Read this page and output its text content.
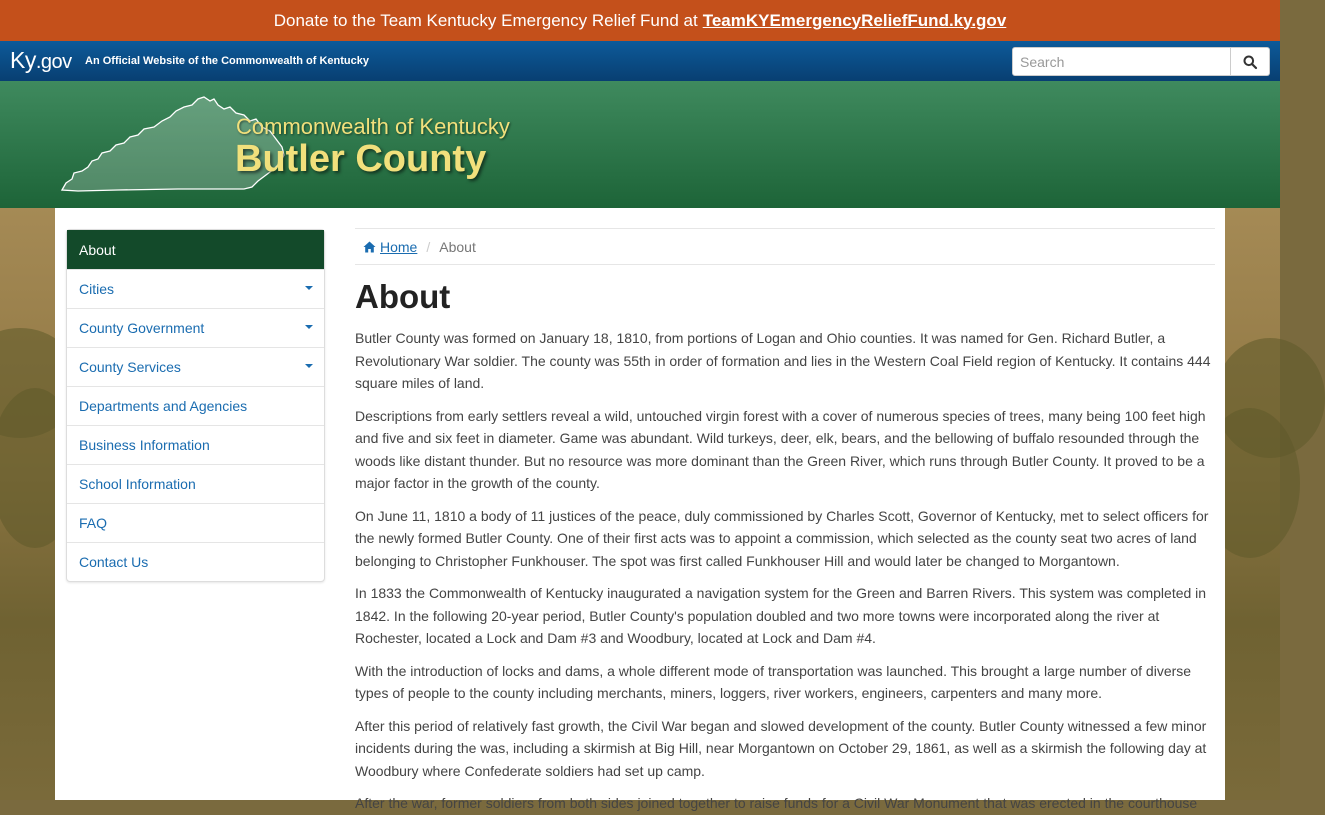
Donate to the Team Kentucky Emergency Relief Fund at TeamKYEmergencyReliefFund.ky.gov
Ky.gov An Official Website of the Commonwealth of Kentucky
Search
Commonwealth of Kentucky
Butler County
About
Cities
County Government
County Services
Departments and Agencies
Business Information
School Information
FAQ
Contact Us
Home / About
About

Butler County was formed on January 18, 1810, from portions of Logan and Ohio counties. It was named for Gen. Richard Butler, a Revolutionary War soldier. The county was 55th in order of formation and lies in the Western Coal Field region of Kentucky. It contains 444 square miles of land.

Descriptions from early settlers reveal a wild, untouched virgin forest with a cover of numerous species of trees, many being 100 feet high and five and six feet in diameter. Game was abundant. Wild turkeys, deer, elk, bears, and the bellowing of buffalo resounded through the woods like distant thunder. But no resource was more dominant than the Green River, which runs through Butler County. It proved to be a major factor in the growth of the county.

On June 11, 1810 a body of 11 justices of the peace, duly commissioned by Charles Scott, Governor of Kentucky, met to select officers for the newly formed Butler County. One of their first acts was to appoint a commission, which selected as the county seat two acres of land belonging to Christopher Funkhouser. The spot was first called Funkhouser Hill and would later be changed to Morgantown.

In 1833 the Commonwealth of Kentucky inaugurated a navigation system for the Green and Barren Rivers. This system was completed in 1842. In the following 20-year period, Butler County's population doubled and two more towns were incorporated along the river at Rochester, located a Lock and Dam #3 and Woodbury, located at Lock and Dam #4.

With the introduction of locks and dams, a whole different mode of transportation was launched. This brought a large number of diverse types of people to the county including merchants, miners, loggers, river workers, engineers, carpenters and many more.

After this period of relatively fast growth, the Civil War began and slowed development of the county. Butler County witnessed a few minor incidents during the was, including a skirmish at Big Hill, near Morgantown on October 29, 1861, as well as a skirmish the following day at Woodbury where Confederate soldiers had set up camp.

After the war, former soldiers from both sides joined together to raise funds for a Civil War Monument that was erected in the courthouse
